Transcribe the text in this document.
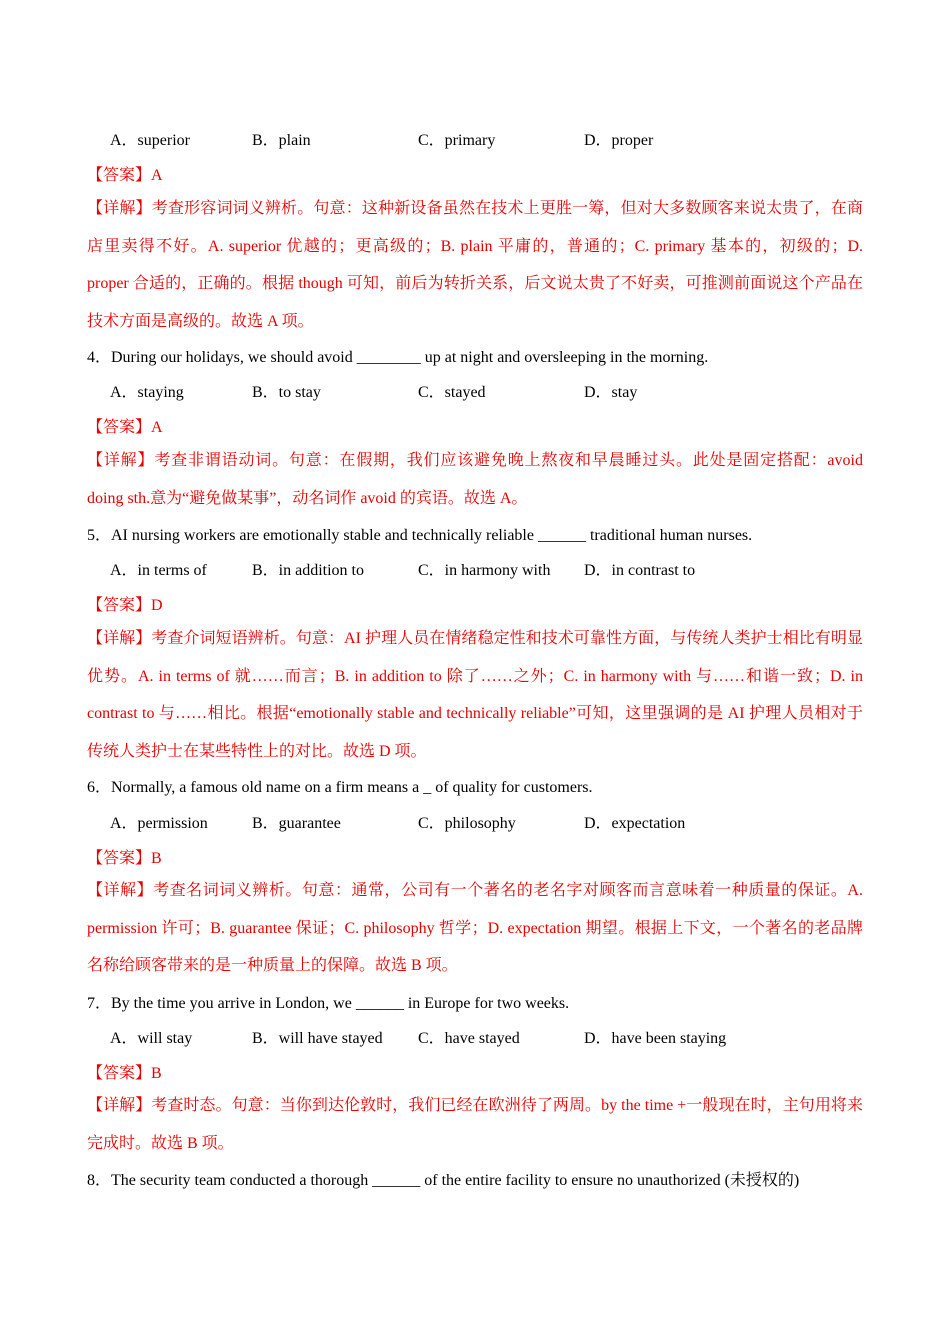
A．superior	B．plain	C．primary	D．proper
【答案】A
【详解】考查形容词词义辨析。句意：这种新设备虽然在技术上更胜一筹，但对大多数顾客来说太贵了，在商店里卖得不好。A. superior 优越的；更高级的；B. plain 平庸的，普通的；C. primary 基本的，初级的；D. proper 合适的，正确的。根据 though 可知，前后为转折关系，后文说太贵了不好卖，可推测前面说这个产品在技术方面是高级的。故选 A 项。
4．During our holidays, we should avoid ________ up at night and oversleeping in the morning.
A．staying	B．to stay	C．stayed	D．stay
【答案】A
【详解】考查非谓语动词。句意：在假期，我们应该避免晚上熬夜和早晨睡过头。此处是固定搭配：avoid doing sth.意为“避免做某事”，动名词作 avoid 的宾语。故选 A。
5．AI nursing workers are emotionally stable and technically reliable ______ traditional human nurses.
A．in terms of	B．in addition to	C．in harmony with D．in contrast to
【答案】D
【详解】考查介词短语辨析。句意：AI 护理人员在情绪稳定性和技术可靠性方面，与传统人类护士相比有明显优势。A. in terms of 就……而言；B. in addition to 除了……之外；C. in harmony with 与……和谐一致；D. in contrast to 与……相比。根据“emotionally stable and technically reliable”可知，这里强调的是 AI 护理人员相对于传统人类护士在某些特性上的对比。故选 D 项。
6．Normally, a famous old name on a firm means a _ of quality for customers.
A．permission	B．guarantee	C．philosophy	D．expectation
【答案】B
【详解】考查名词词义辨析。句意：通常，公司有一个著名的老名字对顾客而言意味着一种质量的保证。A. permission 许可；B. guarantee 保证；C. philosophy 哲学；D. expectation 期望。根据上下文，一个著名的老品牌名称给顾客带来的是一种质量上的保障。故选 B 项。
7．By the time you arrive in London, we ______ in Europe for two weeks.
A．will stay	B．will have stayed C．have stayed	D．have been staying
【答案】B
【详解】考查时态。句意：当你到达伦敦时，我们已经在欧洲待了两周。by the time +一般现在时，主句用将来完成时。故选 B 项。
8．The security team conducted a thorough ______ of the entire facility to ensure no unauthorized (未授权的)
